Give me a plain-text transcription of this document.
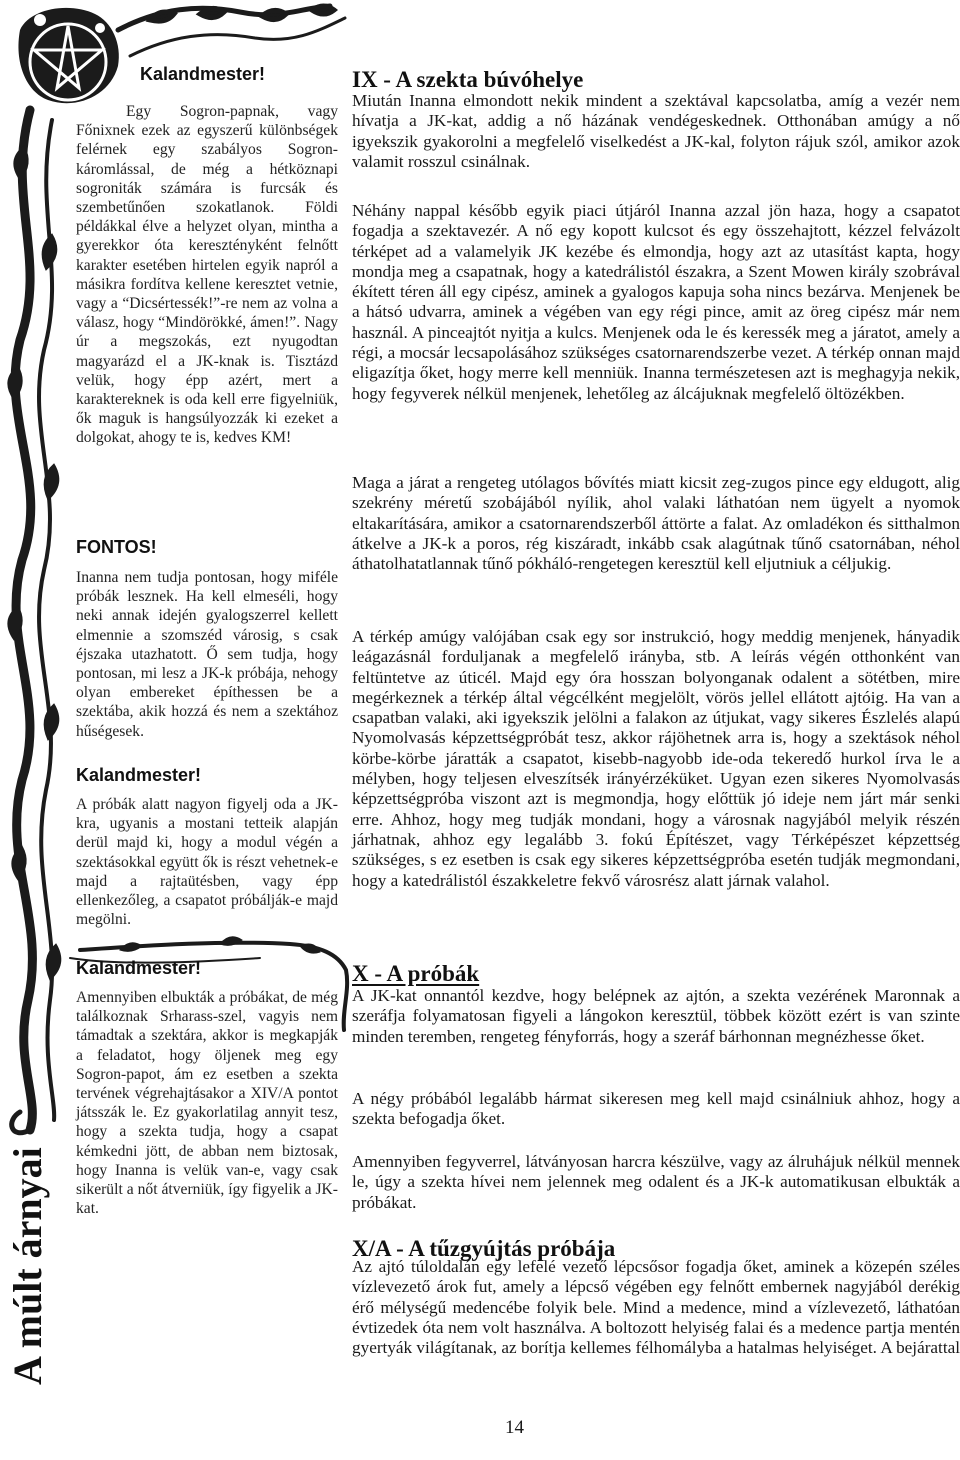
A múlt árnyai
Kalandmester!

Egy Sogron-papnak, vagy Főnixnek ezek az egyszerű különbségek felérnek egy szabályos Sogron-káromlással, de még a hétköznapi sogroniták számára is furcsák és szembetűnően szokatlanok. Földi példákkal élve a helyzet olyan, mintha a gyerekkor óta keresztényként felnőtt karakter esetében hirtelen egyik napról a másikra fordítva kellene keresztet vetnie, vagy a “Dicsértessék!”-re nem az volna a válasz, hogy “Mindörökké, ámen!”. Nagy úr a megszokás, ezt nyugodtan magyarázd el a JK-knak is. Tisztázd velük, hogy épp azért, mert a karaktereknek is oda kell erre figyelniük, ők maguk is hangsúlyozzák ki ezeket a dolgokat, ahogy te is, kedves KM!

FONTOS!

Inanna nem tudja pontosan, hogy miféle próbák lesznek. Ha kell elmeséli, hogy neki annak idején gyalogszerrel kellett elmennie a szomszéd városig, s csak éjszaka utazhatott. Ő sem tudja, hogy pontosan, mi lesz a JK-k próbája, nehogy olyan embereket építhessen be a szektába, akik hozzá és nem a szektához hűségesek.

Kalandmester!

A próbák alatt nagyon figyelj oda a JK-kra, ugyanis a mostani tetteik alapján derül majd ki, hogy a modul végén a szektásokkal együtt ők is részt vehetnek-e majd a rajtaütésben, vagy épp ellenkezőleg, a csapatot próbálják-e majd megölni.

Kalandmester!

Amennyiben elbukták a próbákat, de még találkoznak Srharass-szel, vagyis nem támadtak a szektára, akkor is megkapják a feladatot, hogy öljenek meg egy Sogron-papot, ám ez esetben a szekta tervének végrehajtásakor a XIV/A pontot játsszák le. Ez gyakorlatilag annyit tesz, hogy a szekta tudja, hogy a csapat kémkedni jött, de abban nem biztosak, hogy Inanna is velük van-e, vagy csak sikerült a nőt átverniük, így figyelik a JK-kat.

IX - A szekta búvóhelye

Miután Inanna elmondott nekik mindent a szektával kapcsolatba, amíg a vezér nem hívatja a JK-kat, addig a nő házának vendégeskednek. Otthonában amúgy a nő igyekszik gyakorolni a megfelelő viselkedést a JK-kal, folyton rájuk szól, amikor azok valamit rosszul csinálnak.

Néhány nappal később egyik piaci útjáról Inanna azzal jön haza, hogy a csapatot fogadja a szektavezér. A nő egy kopott kulcsot és egy összehajtott, kézzel felvázolt térképet ad a valamelyik JK kezébe és elmondja, hogy azt az utasítást kapta, hogy mondja meg a csapatnak, hogy a katedrálistól északra, a Szent Mowen király szobrával ékített téren áll egy cipész, aminek a gyalogos kapuja soha nincs bezárva. Menjenek be a hátsó udvarra, aminek a végében van egy régi pince, amit az öreg cipész már nem használ. A pinceajtót nyitja a kulcs. Menjenek oda le és keressék meg a járatot, amely a régi, a mocsár lecsapolásához szükséges csatornarendszerbe vezet. A térkép onnan majd eligazítja őket, hogy merre kell menniük. Inanna természetesen azt is meghagyja nekik, hogy fegyverek nélkül menjenek, lehetőleg az álcájuknak megfelelő öltözékben.

Maga a járat a rengeteg utólagos bővítés miatt kicsit zeg-zugos pince egy eldugott, alig szekrény méretű szobájából nyílik, ahol valaki láthatóan nem ügyelt a nyomok eltakarítására, amikor a csatornarendszerből áttörte a falat. Az omladékon és sitthalmon átkelve a JK-k a poros, rég kiszáradt, inkább csak alagútnak tűnő csatornában, néhol áthatolhatatlannak tűnő pókháló-rengetegen keresztül kell eljutniuk a céljukig.

A térkép amúgy valójában csak egy sor instrukció, hogy meddig menjenek, hányadik leágazásnál forduljanak a megfelelő irányba, stb. A leírás végén otthonként van feltüntetve az úticél. Majd egy óra hosszan bolyonganak odalent a sötétben, mire megérkeznek a térkép által végcélként megjelölt, vörös jellel ellátott ajtóig. Ha van a csapatban valaki, aki igyekszik jelölni a falakon az útjukat, vagy sikeres Észlelés alapú Nyomolvasás képzettségpróbát tesz, akkor rájöhetnek arra is, hogy a szektások néhol körbe-körbe járatták a csapatot, kisebb-nagyobb ide-oda tekeredő hurkol írva le a mélyben, hogy teljesen elveszítsék irányérzéküket. Ugyan ezen sikeres Nyomolvasás képzettségpróba viszont azt is megmondja, hogy előttük jó ideje nem járt már senki erre. Ahhoz, hogy meg tudják mondani, hogy a városnak nagyjából melyik részén járhatnak, ahhoz egy legalább 3. fokú Építészet, vagy Térképészet képzettség szükséges, s ez esetben is csak egy sikeres képzettségpróba esetén tudják megmondani, hogy a katedrálistól északkeletre fekvő városrész alatt járnak valahol.

X - A próbák

A JK-kat onnantól kezdve, hogy belépnek az ajtón, a szekta vezérének Maronnak a szeráfja folyamatosan figyeli a lángokon keresztül, többek között ezért is van szinte minden teremben, rengeteg fényforrás, hogy a szeráf bárhonnan megnézhesse őket.

A négy próbából legalább hármat sikeresen meg kell majd csinálniuk ahhoz, hogy a szekta befogadja őket.

Amennyiben fegyverrel, látványosan harcra készülve, vagy az álruhájuk nélkül mennek le, úgy a szekta hívei nem jelennek meg odalent és a JK-k automatikusan elbukták a próbákat.

X/A - A tűzgyújtás próbája

Az ajtó túloldalán egy lefelé vezető lépcsősor fogadja őket, aminek a közepén széles vízlevezető árok fut, amely a lépcső végében egy felnőtt embernek nagyjából derékig érő mélységű medencébe folyik bele. Mind a medence, mind a vízlevezető, láthatóan évtizedek óta nem volt használva. A boltozott helyiség falai és a medence partja mentén gyertyák világítanak, az borítja kellemes félhomályba a hatalmas helyiséget. A bejárattal

14
